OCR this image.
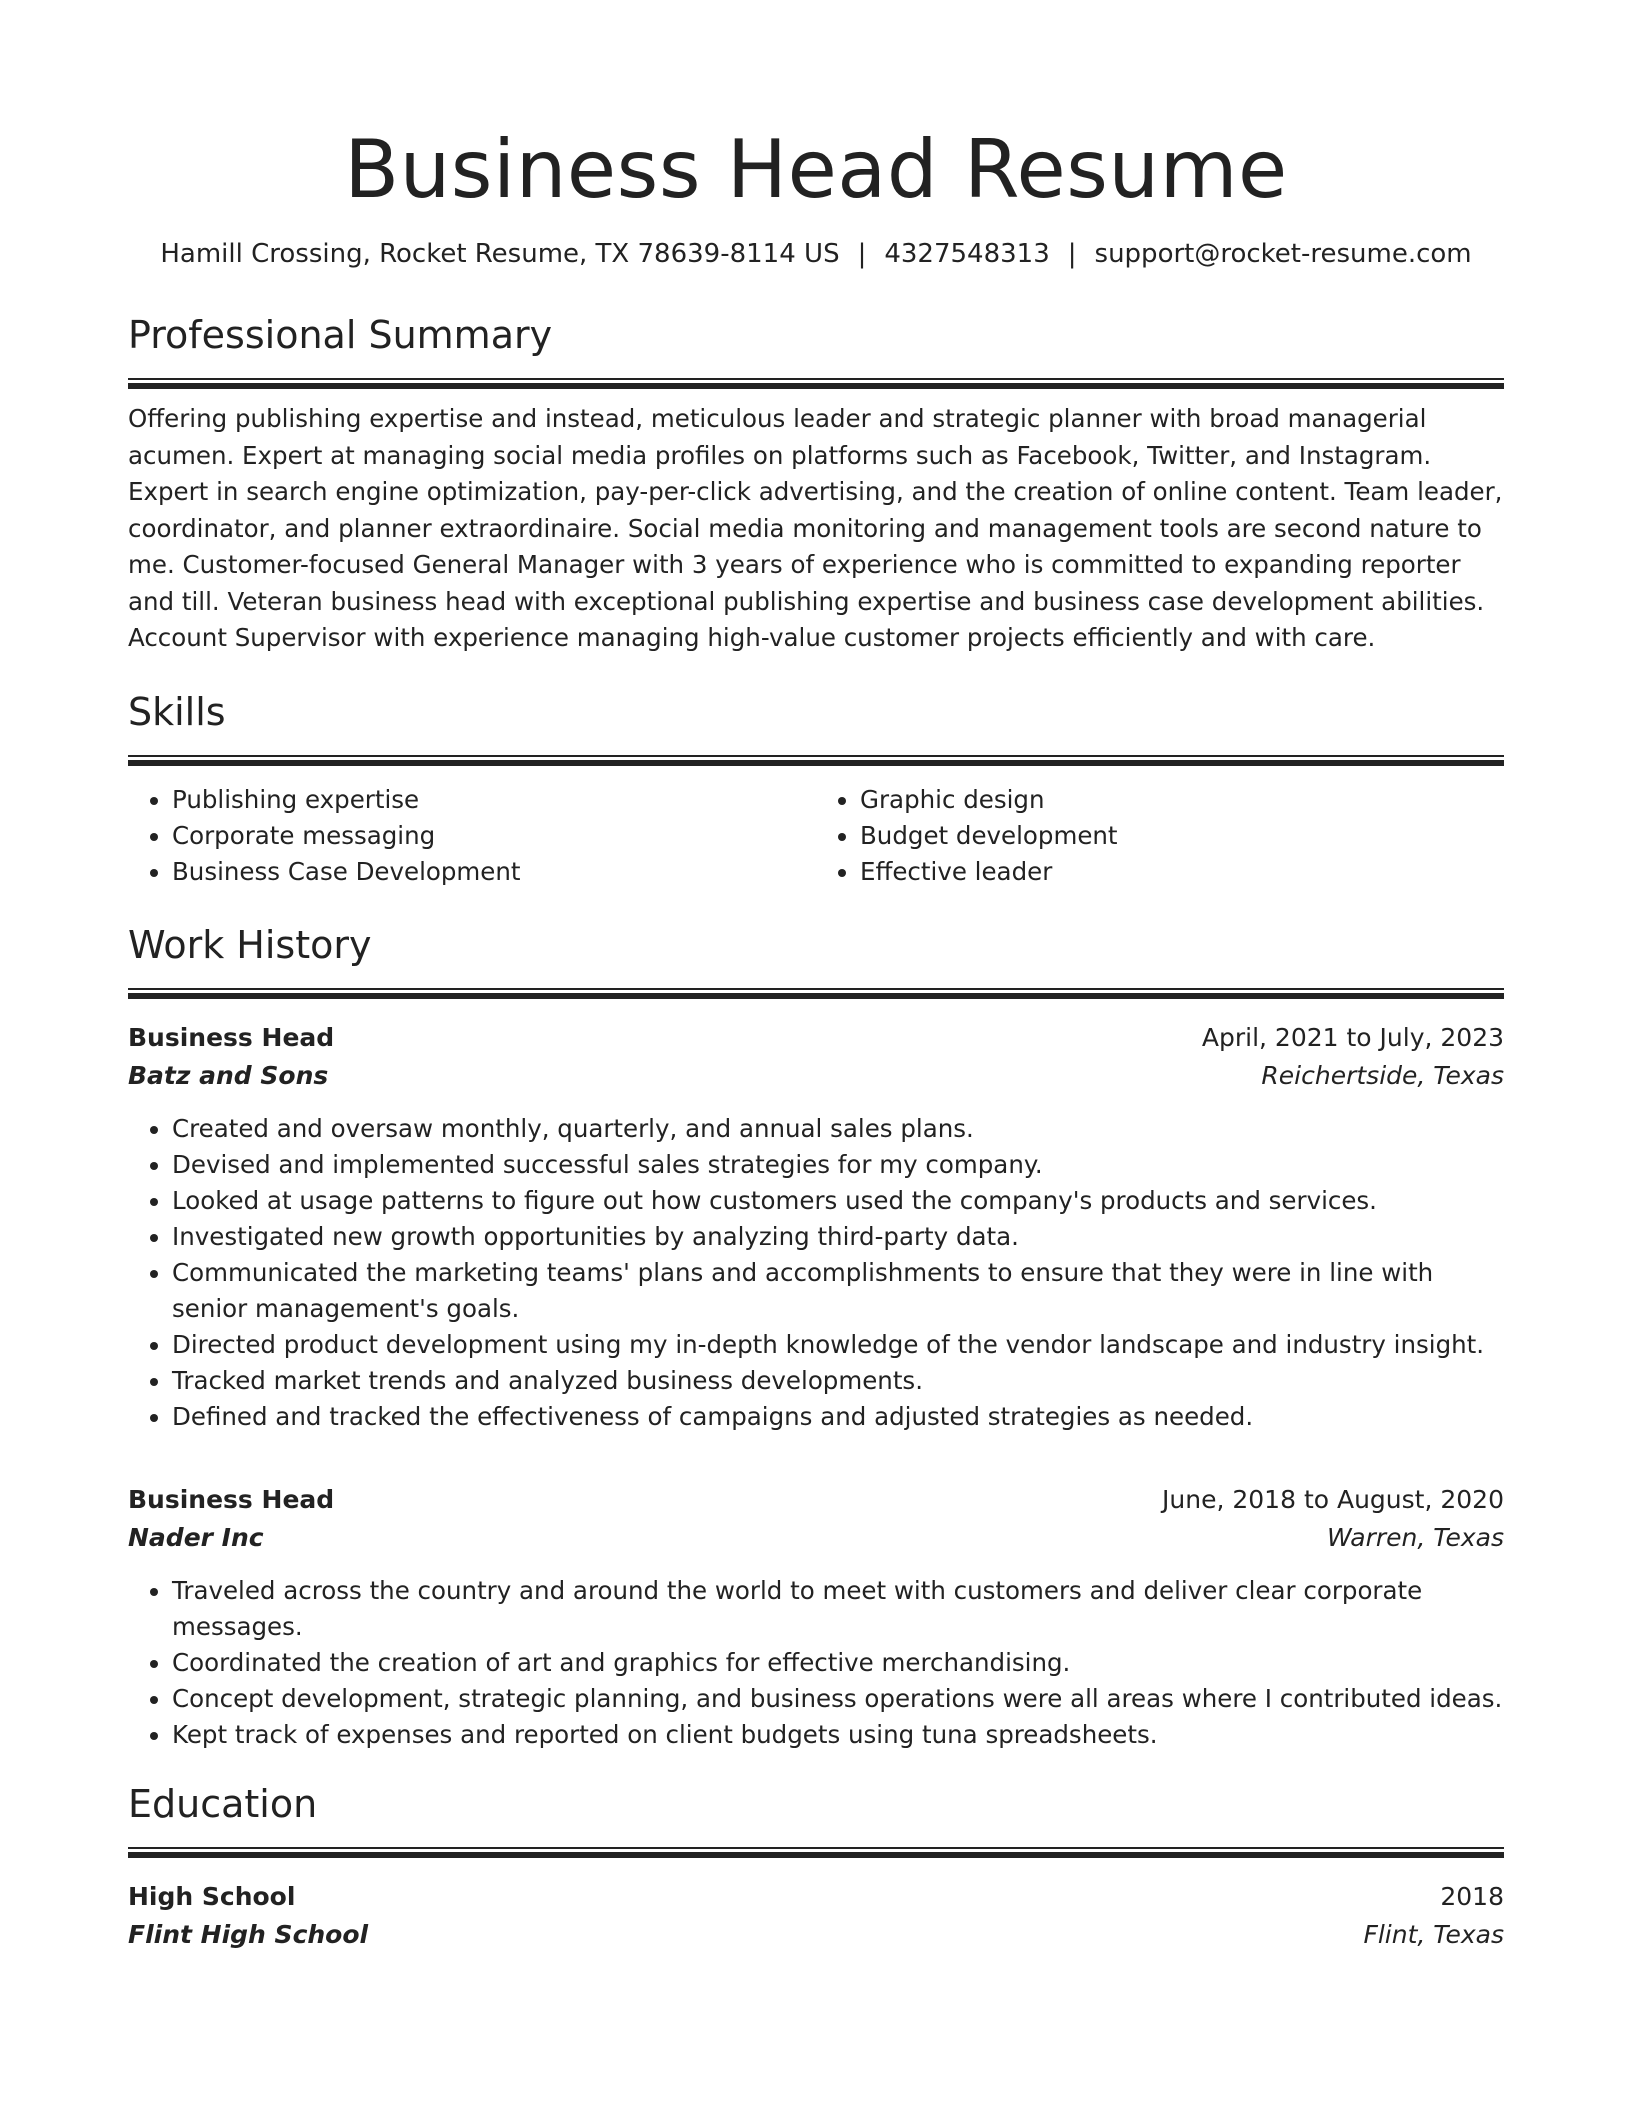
Business Head Resume
Hamill Crossing, Rocket Resume, TX 78639-8114 US | 4327548313 | support@rocket-resume.com
Professional Summary
Offering publishing expertise and instead, meticulous leader and strategic planner with broad managerial acumen. Expert at managing social media profiles on platforms such as Facebook, Twitter, and Instagram. Expert in search engine optimization, pay-per-click advertising, and the creation of online content. Team leader, coordinator, and planner extraordinaire. Social media monitoring and management tools are second nature to me. Customer-focused General Manager with 3 years of experience who is committed to expanding reporter and till. Veteran business head with exceptional publishing expertise and business case development abilities. Account Supervisor with experience managing high-value customer projects efficiently and with care.
Skills
• Publishing expertise
• Corporate messaging
• Business Case Development
• Graphic design
• Budget development
• Effective leader
Work History
Business Head	April, 2021 to July, 2023
Batz and Sons	Reichertside, Texas
• Created and oversaw monthly, quarterly, and annual sales plans.
• Devised and implemented successful sales strategies for my company.
• Looked at usage patterns to figure out how customers used the company's products and services.
• Investigated new growth opportunities by analyzing third-party data.
• Communicated the marketing teams' plans and accomplishments to ensure that they were in line with senior management's goals.
• Directed product development using my in-depth knowledge of the vendor landscape and industry insight.
• Tracked market trends and analyzed business developments.
• Defined and tracked the effectiveness of campaigns and adjusted strategies as needed.
Business Head	June, 2018 to August, 2020
Nader Inc	Warren, Texas
• Traveled across the country and around the world to meet with customers and deliver clear corporate messages.
• Coordinated the creation of art and graphics for effective merchandising.
• Concept development, strategic planning, and business operations were all areas where I contributed ideas.
• Kept track of expenses and reported on client budgets using tuna spreadsheets.
Education
High School	2018
Flint High School	Flint, Texas
